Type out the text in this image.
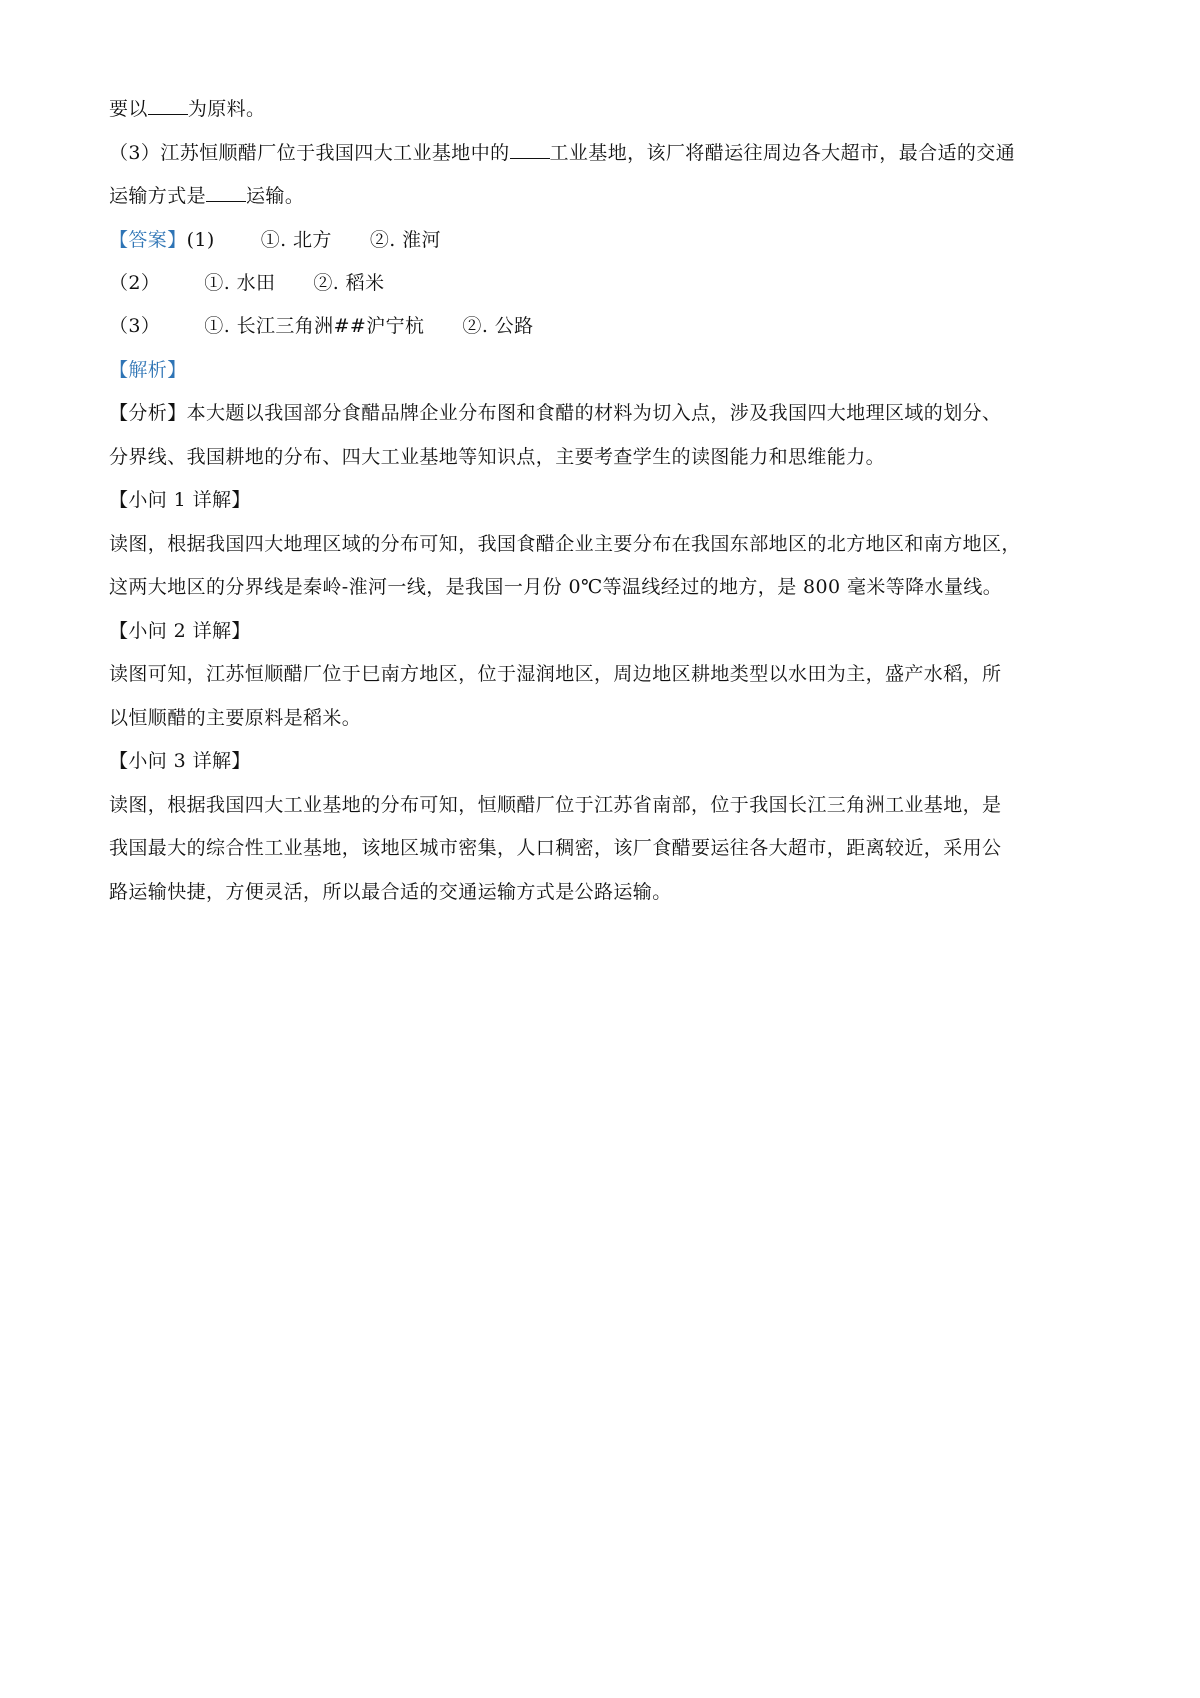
要以 为原料。
（3）江苏恒顺醋厂位于我国四大工业基地中的 工业基地，该厂将醋运往周边各大超市，最合适的交通
运输方式是 运输。
【答案】(1) ①. 北方 ②. 淮河
（2） ①. 水田 ②. 稻米
（3） ①. 长江三角洲##沪宁杭 ②. 公路
【解析】
【分析】本大题以我国部分食醋品牌企业分布图和食醋的材料为切入点，涉及我国四大地理区域的划分、
分界线、我国耕地的分布、四大工业基地等知识点，主要考查学生的读图能力和思维能力。
【小问 1 详解】
读图，根据我国四大地理区域的分布可知，我国食醋企业主要分布在我国东部地区的北方地区和南方地区，
这两大地区的分界线是秦岭-淮河一线，是我国一月份 0℃等温线经过的地方，是 800 毫米等降水量线。
【小问 2 详解】
读图可知，江苏恒顺醋厂位于⺒南方地区，位于湿润地区，周边地区耕地类型以水田为主，盛产水稻，所
以恒顺醋的主要原料是稻米。
【小问 3 详解】
读图，根据我国四大工业基地的分布可知，恒顺醋厂位于江苏省南部，位于我国长江三角洲工业基地，是
我国最大的综合性工业基地，该地区城市密集，人口稠密，该厂食醋要运往各大超市，距离较近，采用公
路运输快捷，方便灵活，所以最合适的交通运输方式是公路运输。
